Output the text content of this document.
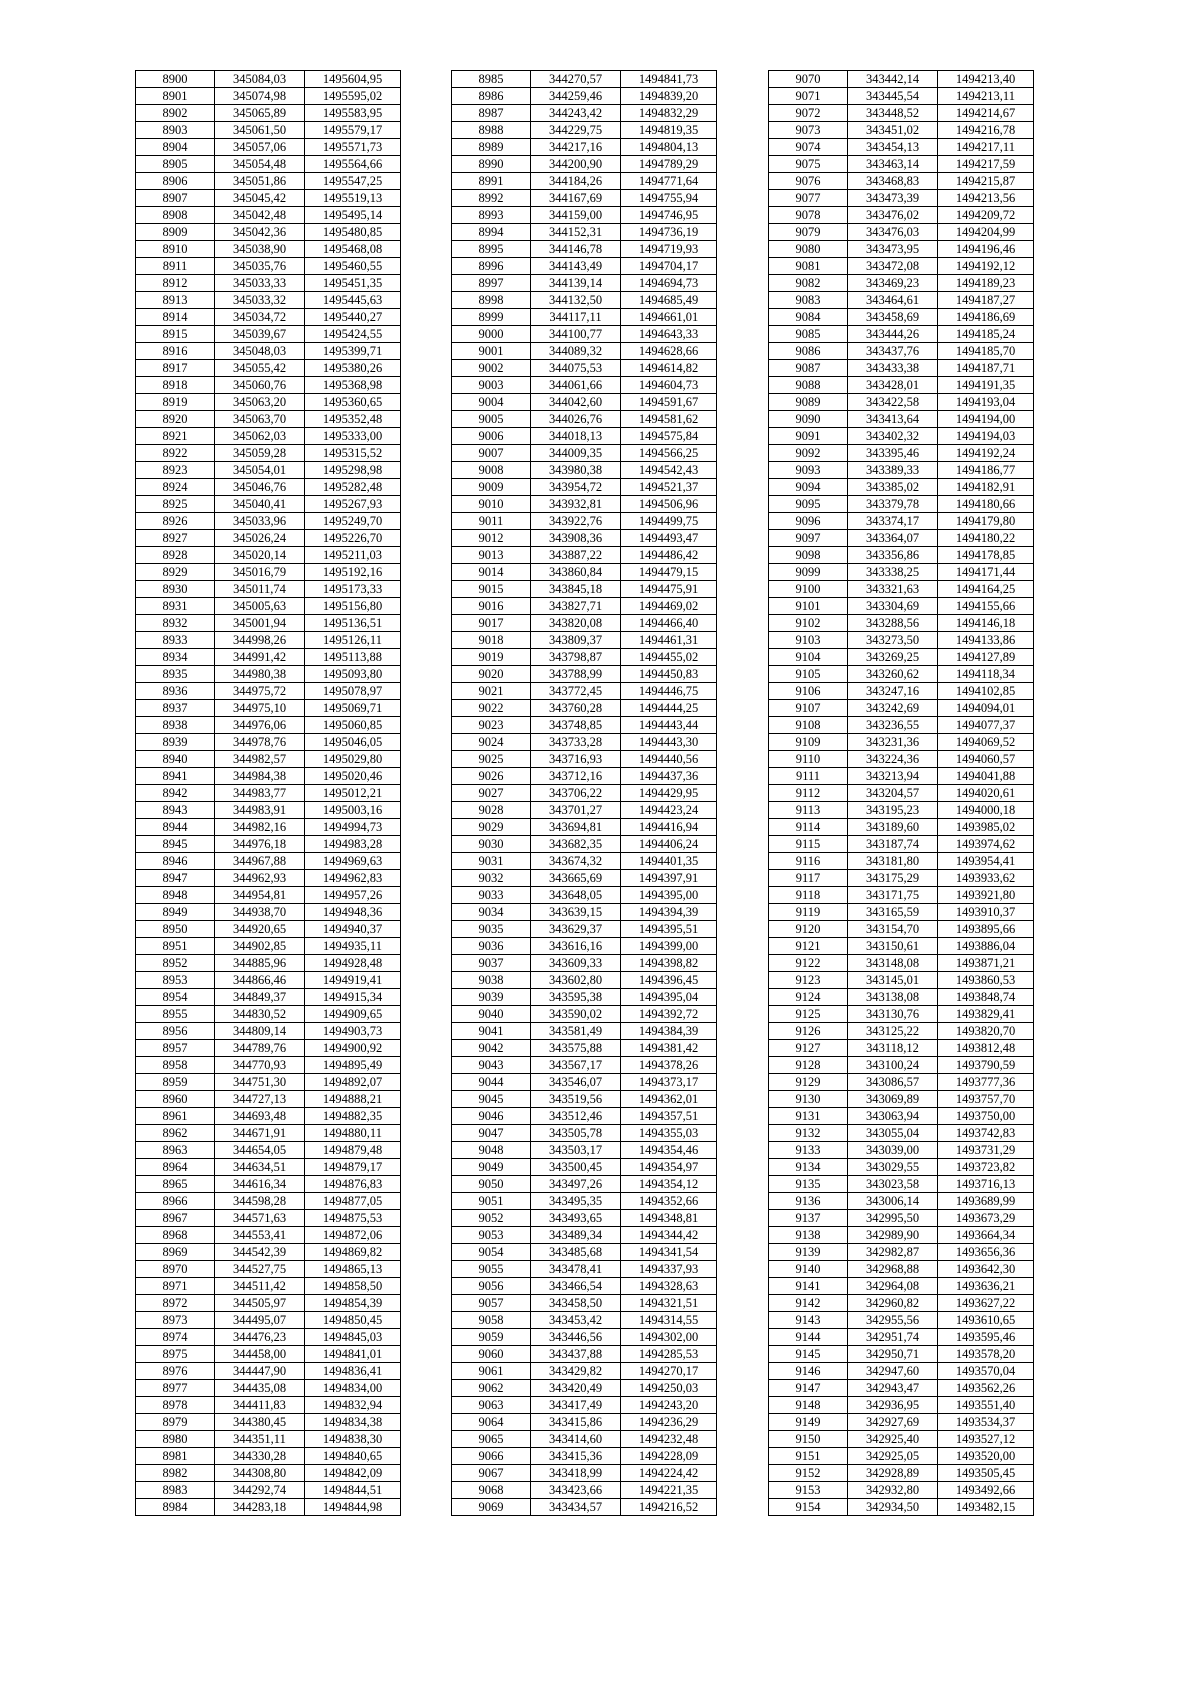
8900	345084,03	1495604,95
8901	345074,98	1495595,02
8902	345065,89	1495583,95
8903	345061,50	1495579,17
8904	345057,06	1495571,73
8905	345054,48	1495564,66
8906	345051,86	1495547,25
8907	345045,42	1495519,13
8908	345042,48	1495495,14
8909	345042,36	1495480,85
8910	345038,90	1495468,08
8911	345035,76	1495460,55
8912	345033,33	1495451,35
8913	345033,32	1495445,63
8914	345034,72	1495440,27
8915	345039,67	1495424,55
8916	345048,03	1495399,71
8917	345055,42	1495380,26
8918	345060,76	1495368,98
8919	345063,20	1495360,65
8920	345063,70	1495352,48
8921	345062,03	1495333,00
8922	345059,28	1495315,52
8923	345054,01	1495298,98
8924	345046,76	1495282,48
8925	345040,41	1495267,93
8926	345033,96	1495249,70
8927	345026,24	1495226,70
8928	345020,14	1495211,03
8929	345016,79	1495192,16
8930	345011,74	1495173,33
8931	345005,63	1495156,80
8932	345001,94	1495136,51
8933	344998,26	1495126,11
8934	344991,42	1495113,88
8935	344980,38	1495093,80
8936	344975,72	1495078,97
8937	344975,10	1495069,71
8938	344976,06	1495060,85
8939	344978,76	1495046,05
8940	344982,57	1495029,80
8941	344984,38	1495020,46
8942	344983,77	1495012,21
8943	344983,91	1495003,16
8944	344982,16	1494994,73
8945	344976,18	1494983,28
8946	344967,88	1494969,63
8947	344962,93	1494962,83
8948	344954,81	1494957,26
8949	344938,70	1494948,36
8950	344920,65	1494940,37
8951	344902,85	1494935,11
8952	344885,96	1494928,48
8953	344866,46	1494919,41
8954	344849,37	1494915,34
8955	344830,52	1494909,65
8956	344809,14	1494903,73
8957	344789,76	1494900,92
8958	344770,93	1494895,49
8959	344751,30	1494892,07
8960	344727,13	1494888,21
8961	344693,48	1494882,35
8962	344671,91	1494880,11
8963	344654,05	1494879,48
8964	344634,51	1494879,17
8965	344616,34	1494876,83
8966	344598,28	1494877,05
8967	344571,63	1494875,53
8968	344553,41	1494872,06
8969	344542,39	1494869,82
8970	344527,75	1494865,13
8971	344511,42	1494858,50
8972	344505,97	1494854,39
8973	344495,07	1494850,45
8974	344476,23	1494845,03
8975	344458,00	1494841,01
8976	344447,90	1494836,41
8977	344435,08	1494834,00
8978	344411,83	1494832,94
8979	344380,45	1494834,38
8980	344351,11	1494838,30
8981	344330,28	1494840,65
8982	344308,80	1494842,09
8983	344292,74	1494844,51
8984	344283,18	1494844,98
8985	344270,57	1494841,73
8986	344259,46	1494839,20
8987	344243,42	1494832,29
8988	344229,75	1494819,35
8989	344217,16	1494804,13
8990	344200,90	1494789,29
8991	344184,26	1494771,64
8992	344167,69	1494755,94
8993	344159,00	1494746,95
8994	344152,31	1494736,19
8995	344146,78	1494719,93
8996	344143,49	1494704,17
8997	344139,14	1494694,73
8998	344132,50	1494685,49
8999	344117,11	1494661,01
9000	344100,77	1494643,33
9001	344089,32	1494628,66
9002	344075,53	1494614,82
9003	344061,66	1494604,73
9004	344042,60	1494591,67
9005	344026,76	1494581,62
9006	344018,13	1494575,84
9007	344009,35	1494566,25
9008	343980,38	1494542,43
9009	343954,72	1494521,37
9010	343932,81	1494506,96
9011	343922,76	1494499,75
9012	343908,36	1494493,47
9013	343887,22	1494486,42
9014	343860,84	1494479,15
9015	343845,18	1494475,91
9016	343827,71	1494469,02
9017	343820,08	1494466,40
9018	343809,37	1494461,31
9019	343798,87	1494455,02
9020	343788,99	1494450,83
9021	343772,45	1494446,75
9022	343760,28	1494444,25
9023	343748,85	1494443,44
9024	343733,28	1494443,30
9025	343716,93	1494440,56
9026	343712,16	1494437,36
9027	343706,22	1494429,95
9028	343701,27	1494423,24
9029	343694,81	1494416,94
9030	343682,35	1494406,24
9031	343674,32	1494401,35
9032	343665,69	1494397,91
9033	343648,05	1494395,00
9034	343639,15	1494394,39
9035	343629,37	1494395,51
9036	343616,16	1494399,00
9037	343609,33	1494398,82
9038	343602,80	1494396,45
9039	343595,38	1494395,04
9040	343590,02	1494392,72
9041	343581,49	1494384,39
9042	343575,88	1494381,42
9043	343567,17	1494378,26
9044	343546,07	1494373,17
9045	343519,56	1494362,01
9046	343512,46	1494357,51
9047	343505,78	1494355,03
9048	343503,17	1494354,46
9049	343500,45	1494354,97
9050	343497,26	1494354,12
9051	343495,35	1494352,66
9052	343493,65	1494348,81
9053	343489,34	1494344,42
9054	343485,68	1494341,54
9055	343478,41	1494337,93
9056	343466,54	1494328,63
9057	343458,50	1494321,51
9058	343453,42	1494314,55
9059	343446,56	1494302,00
9060	343437,88	1494285,53
9061	343429,82	1494270,17
9062	343420,49	1494250,03
9063	343417,49	1494243,20
9064	343415,86	1494236,29
9065	343414,60	1494232,48
9066	343415,36	1494228,09
9067	343418,99	1494224,42
9068	343423,66	1494221,35
9069	343434,57	1494216,52
9070	343442,14	1494213,40
9071	343445,54	1494213,11
9072	343448,52	1494214,67
9073	343451,02	1494216,78
9074	343454,13	1494217,11
9075	343463,14	1494217,59
9076	343468,83	1494215,87
9077	343473,39	1494213,56
9078	343476,02	1494209,72
9079	343476,03	1494204,99
9080	343473,95	1494196,46
9081	343472,08	1494192,12
9082	343469,23	1494189,23
9083	343464,61	1494187,27
9084	343458,69	1494186,69
9085	343444,26	1494185,24
9086	343437,76	1494185,70
9087	343433,38	1494187,71
9088	343428,01	1494191,35
9089	343422,58	1494193,04
9090	343413,64	1494194,00
9091	343402,32	1494194,03
9092	343395,46	1494192,24
9093	343389,33	1494186,77
9094	343385,02	1494182,91
9095	343379,78	1494180,66
9096	343374,17	1494179,80
9097	343364,07	1494180,22
9098	343356,86	1494178,85
9099	343338,25	1494171,44
9100	343321,63	1494164,25
9101	343304,69	1494155,66
9102	343288,56	1494146,18
9103	343273,50	1494133,86
9104	343269,25	1494127,89
9105	343260,62	1494118,34
9106	343247,16	1494102,85
9107	343242,69	1494094,01
9108	343236,55	1494077,37
9109	343231,36	1494069,52
9110	343224,36	1494060,57
9111	343213,94	1494041,88
9112	343204,57	1494020,61
9113	343195,23	1494000,18
9114	343189,60	1493985,02
9115	343187,74	1493974,62
9116	343181,80	1493954,41
9117	343175,29	1493933,62
9118	343171,75	1493921,80
9119	343165,59	1493910,37
9120	343154,70	1493895,66
9121	343150,61	1493886,04
9122	343148,08	1493871,21
9123	343145,01	1493860,53
9124	343138,08	1493848,74
9125	343130,76	1493829,41
9126	343125,22	1493820,70
9127	343118,12	1493812,48
9128	343100,24	1493790,59
9129	343086,57	1493777,36
9130	343069,89	1493757,70
9131	343063,94	1493750,00
9132	343055,04	1493742,83
9133	343039,00	1493731,29
9134	343029,55	1493723,82
9135	343023,58	1493716,13
9136	343006,14	1493689,99
9137	342995,50	1493673,29
9138	342989,90	1493664,34
9139	342982,87	1493656,36
9140	342968,88	1493642,30
9141	342964,08	1493636,21
9142	342960,82	1493627,22
9143	342955,56	1493610,65
9144	342951,74	1493595,46
9145	342950,71	1493578,20
9146	342947,60	1493570,04
9147	342943,47	1493562,26
9148	342936,95	1493551,40
9149	342927,69	1493534,37
9150	342925,40	1493527,12
9151	342925,05	1493520,00
9152	342928,89	1493505,45
9153	342932,80	1493492,66
9154	342934,50	1493482,15
